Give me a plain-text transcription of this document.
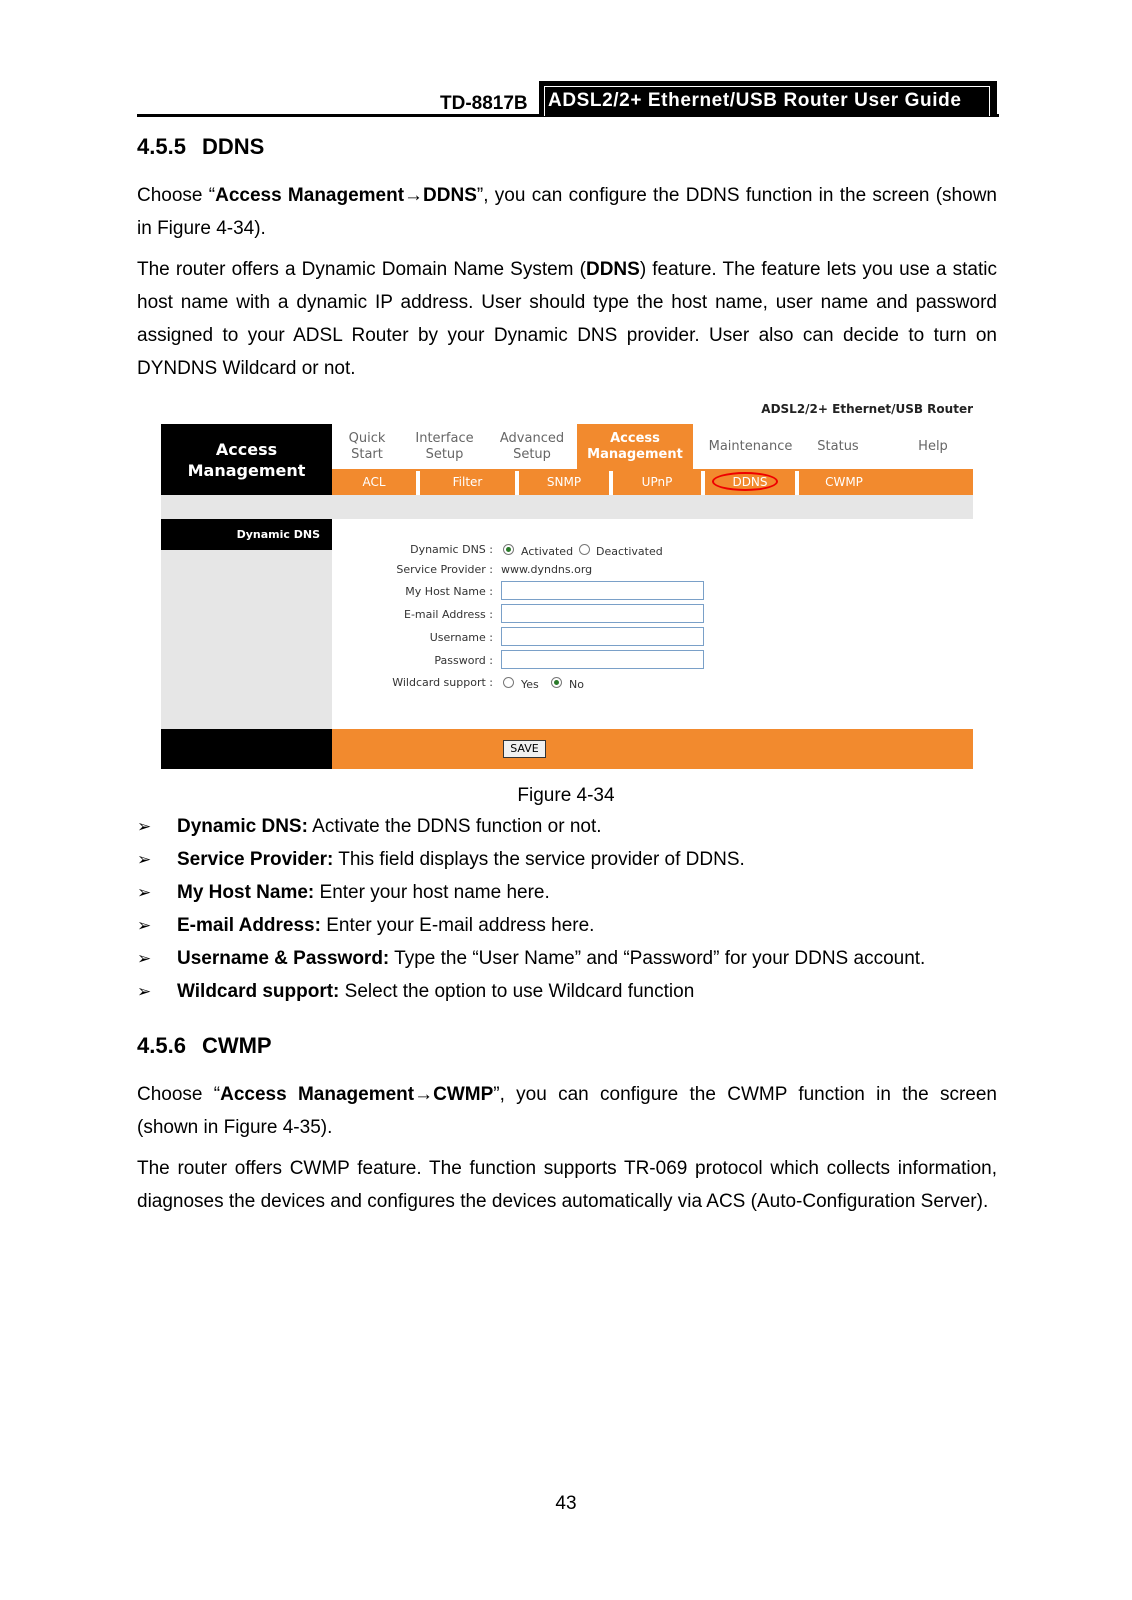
TD-8817B ADSL2/2+ Ethernet/USB Router User Guide
4.5.5 DDNS
Choose “Access Management→DDNS”, you can configure the DDNS function in the screen (shown in Figure 4-34).
The router offers a Dynamic Domain Name System (DDNS) feature. The feature lets you use a static host name with a dynamic IP address. User should type the host name, user name and password assigned to your ADSL Router by your Dynamic DNS provider. User also can decide to turn on DYNDNS Wildcard or not.
ADSL2/2+ Ethernet/USB Router
Access
Management
Quick
Start
Interface
Setup
Advanced
Setup
Access
Management
Maintenance Status	Help
ACL	Filter	SNMP	UPnP	DDNS	CWMP
Dynamic DNS
Dynamic DNS :	Activated Deactivated
Service Provider : www.dyndns.org
My Host Name :
E-mail Address :
Username :
Password :
Wildcard support :	Yes	No
SAVE
Figure 4-34
➢ Dynamic DNS: Activate the DDNS function or not.
➢ Service Provider: This field displays the service provider of DDNS.
➢ My Host Name: Enter your host name here.
➢ E-mail Address: Enter your E-mail address here.
➢ Username & Password: Type the “User Name” and “Password” for your DDNS account.
➢ Wildcard support: Select the option to use Wildcard function
4.5.6 CWMP
Choose “Access Management→CWMP”, you can configure the CWMP function in the screen (shown in Figure 4-35).
The router offers CWMP feature. The function supports TR-069 protocol which collects information, diagnoses the devices and configures the devices automatically via ACS (Auto-Configuration Server).
43
